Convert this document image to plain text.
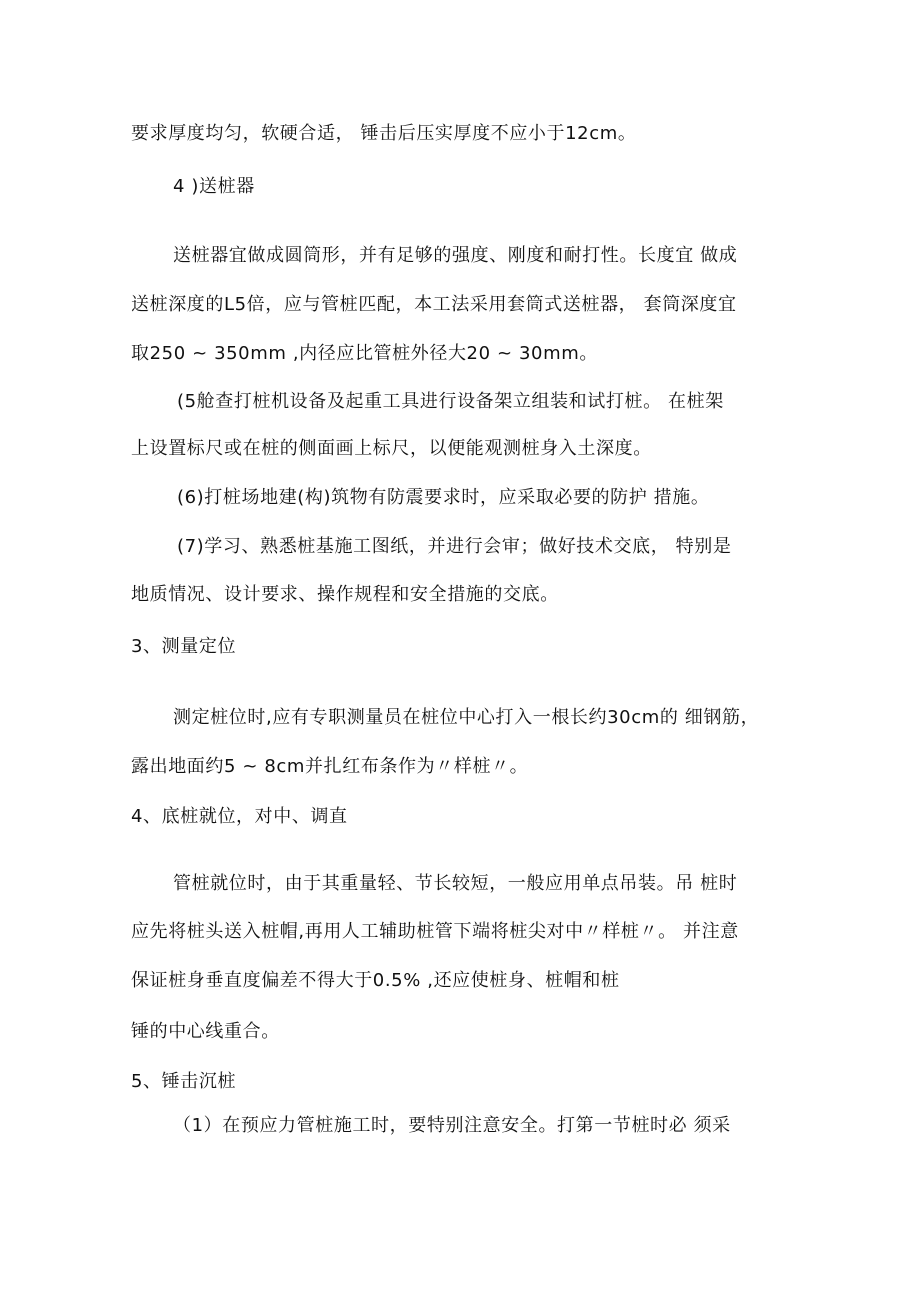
要求厚度均匀，软硬合适， 锤击后压实厚度不应小于12cm。
4 )送桩器
送桩器宜做成圆筒形，并有足够的强度、刚度和耐打性。长度宜 做成
送桩深度的L5倍，应与管桩匹配，本工法采用套筒式送桩器， 套筒深度宜
取250 ~ 350mm ,内径应比管桩外径大20 ~ 30mm。
(5舱查打桩机设备及起重工具进行设备架立组装和试打桩。 在桩架
上设置标尺或在桩的侧面画上标尺，以便能观测桩身入土深度。
(6)打桩场地建(构)筑物有防震要求时，应采取必要的防护 措施。
(7)学习、熟悉桩基施工图纸，并进行会审；做好技术交底， 特别是
地质情况、设计要求、操作规程和安全措施的交底。
3、测量定位
测定桩位时,应有专职测量员在桩位中心打入一根长约30cm的 细钢筋，
露出地面约5 ~ 8cm并扎红布条作为〃样桩〃。
4、底桩就位，对中、调直
管桩就位时，由于其重量轻、节长较短，一般应用单点吊装。吊 桩时
应先将桩头送入桩帽,再用人工辅助桩管下端将桩尖对中〃样桩〃。 并注意
保证桩身垂直度偏差不得大于0.5% ,还应使桩身、桩帽和桩
锤的中心线重合。
5、锤击沉桩
（1）在预应力管桩施工时，要特别注意安全。打第一节桩时必 须采
